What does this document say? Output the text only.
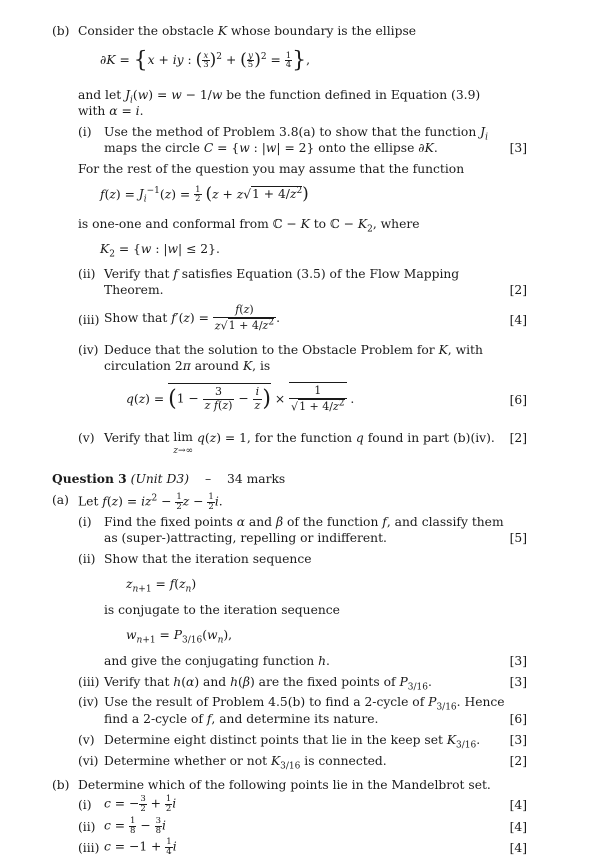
(b) Consider the obstacle K whose boundary is the ellipse
∂K = {x + iy : ( $\frac{x}{3} )^2$ + ( $\frac{y}{5} )^2 = \frac{1}{4}$ },
and let $J_i(w) = w - 1/w$ be the function defined in Equation (3.9)
with α = i.
(i) Use the method of Problem 3.8(a) to show that the function $J_i$
maps the circle C = {w : |w| = 2} onto the ellipse ∂K.	[3]
For the rest of the question you may assume that the function
$f(z) = J_i^{-1}(z) = \frac{1}{2} (z + z√1 + 4/z^2)$
is one-one and conformal from ℂ − K to ℂ − $K_2$, where
$K_2 = \{w$ : |w| ≤ 2}.
(ii) Verify that f satisfies Equation (3.5) of the Flow Mapping
Theorem.	[2]
(iii) Show that $f'(z) = \frac{f(z)}{z√1 + 4/z^2}$ .	[4]
(iv) Deduce that the solution to the Obstacle Problem for K, with
circulation 2π around K, is
$q(z) = (1 - \frac{3}{\text{z f(z)}} - \frac{i}{z}$ ) × $\frac{1}{√1 + 4/z^2}$ .	[6]
(v) Verify that lim
z→∞ q(z) = 1, for the function q found in part (b)(iv). [2]
Question 3 (Unit D3) – 34 marks
(a) Let $f(z) = iz^2 - \frac{1}{2}$ $z - \frac{1}{2} i$.
(i) Find the fixed points α and β of the function f, and classify them
as (super-)attracting, repelling or indifferent.	[5]
(ii) Show that the iteration sequence
$z_{n+1} = f(z_n)$
is conjugate to the iteration sequence
$w_{n+1} = P_{3/16}(w_n)$,
and give the conjugating function h.	[3]
(iii) Verify that h(α) and h(β) are the fixed points of $P_{3/16}$.	[3]
(iv) Use the result of Problem 4.5(b) to find a 2-cycle of $P_{3/16}$. Hence
find a 2-cycle of f, and determine its nature.	[6]
(v) Determine eight distinct points that lie in the keep set $K_{3/16}$. [3]
(vi) Determine whether or not $K_{3/16}$ is connected.	[2]
(b) Determine which of the following points lie in the Mandelbrot set.
(i) c = − $\frac{3}{2} + \frac{1}{2}$ i	[4]
(ii) $c = \frac{1}{8} - \frac{3}{8}$ i	[4]
(iii) $c = -1 + \frac{1}{4}$ i	[4]
